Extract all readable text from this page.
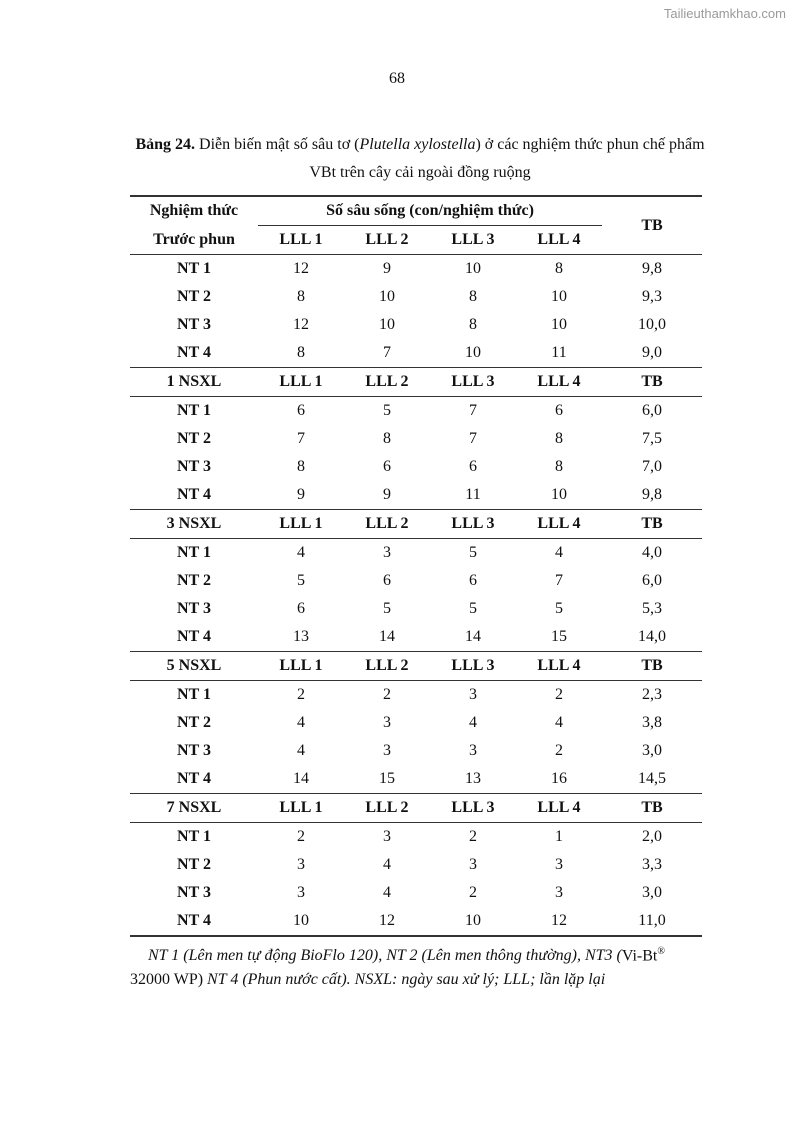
Tailieuthamkhao.com
68
Bảng 24. Diễn biến mật số sâu tơ (Plutella xylostella) ở các nghiệm thức phun chế phẩm VBt trên cây cải ngoài đồng ruộng
Nghiệm thức	Số sâu sống (con/nghiệm thức)				TB
Trước phun	LLL 1	LLL 2	LLL 3	LLL 4	
NT 1	12	9	10	8	9,8
NT 2	8	10	8	10	9,3
NT 3	12	10	8	10	10,0
NT 4	8	7	10	11	9,0
1 NSXL	LLL 1	LLL 2	LLL 3	LLL 4	TB
NT 1	6	5	7	6	6,0
NT 2	7	8	7	8	7,5
NT 3	8	6	6	8	7,0
NT 4	9	9	11	10	9,8
3 NSXL	LLL 1	LLL 2	LLL 3	LLL 4	TB
NT 1	4	3	5	4	4,0
NT 2	5	6	6	7	6,0
NT 3	6	5	5	5	5,3
NT 4	13	14	14	15	14,0
5 NSXL	LLL 1	LLL 2	LLL 3	LLL 4	TB
NT 1	2	2	3	2	2,3
NT 2	4	3	4	4	3,8
NT 3	4	3	3	2	3,0
NT 4	14	15	13	16	14,5
7 NSXL	LLL 1	LLL 2	LLL 3	LLL 4	TB
NT 1	2	3	2	1	2,0
NT 2	3	4	3	3	3,3
NT 3	3	4	2	3	3,0
NT 4	10	12	10	12	11,0
NT 1 (Lên men tự động BioFlo 120), NT 2 (Lên men thông thường), NT3 (Vi-Bt®
32000 WP) NT 4 (Phun nước cất). NSXL: ngày sau xử lý; LLL; lần lặp lại
